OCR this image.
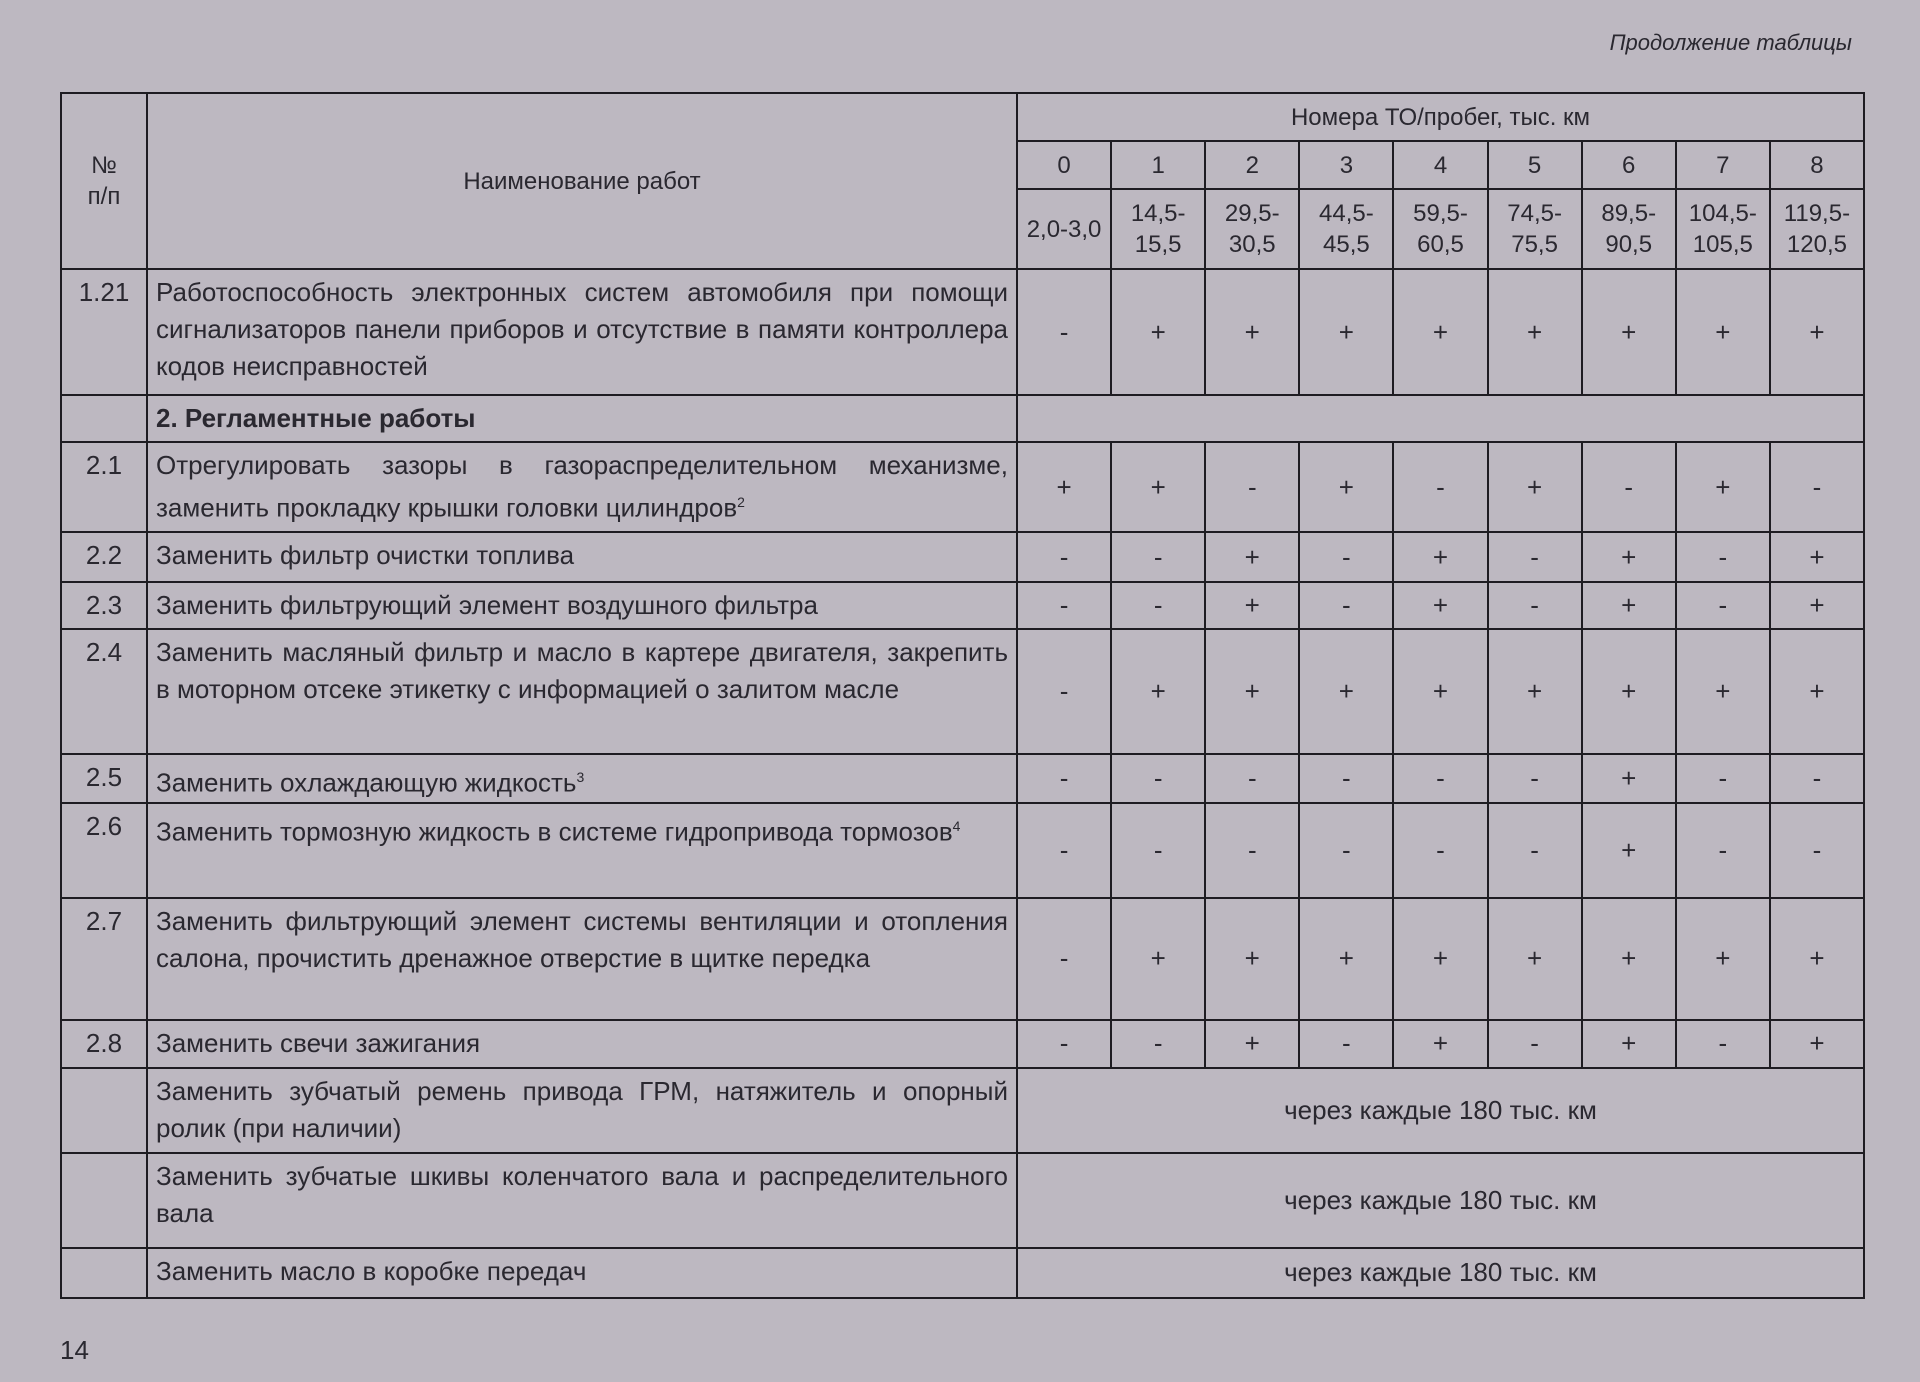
Продолжение таблицы
№ п/п	Наименование работ	Номера ТО/пробег, тыс. км								
		0	1	2	3	4	5	6	7	8
		2,0-3,0	14,5-15,5	29,5-30,5	44,5-45,5	59,5-60,5	74,5-75,5	89,5-90,5	104,5-105,5	119,5-120,5
1.21	Работоспособность электронных систем автомобиля при помощи сигнализаторов панели приборов и отсутствие в памяти контроллера кодов неисправностей	-	+	+	+	+	+	+	+	+
	2. Регламентные работы									
2.1	Отрегулировать зазоры в газораспределительном механизме, заменить прокладку крышки головки цилиндров$^2$	+	+	-	+	-	+	-	+	-
2.2	Заменить фильтр очистки топлива	-	-	+	-	+	-	+	-	+
2.3	Заменить фильтрующий элемент воздушного фильтра	-	-	+	-	+	-	+	-	+
2.4	Заменить масляный фильтр и масло в картере двигателя, закрепить в моторном отсеке этикетку с информацией о залитом масле	-	+	+	+	+	+	+	+	+
2.5	Заменить охлаждающую жидкость$^3$	-	-	-	-	-	-	+	-	-
2.6	Заменить тормозную жидкость в системе гидропривода тормозов$^4$	-	-	-	-	-	-	+	-	-
2.7	Заменить фильтрующий элемент системы вентиляции и отопления салона, прочистить дренажное отверстие в щитке передка	-	+	+	+	+	+	+	+	+
2.8	Заменить свечи зажигания	-	-	+	-	+	-	+	-	+
	Заменить зубчатый ремень привода ГРМ, натяжитель и опорный ролик (при наличии)	через каждые 180 тыс. км								
	Заменить зубчатые шкивы коленчатого вала и распределительного вала	через каждые 180 тыс. км								
	Заменить масло в коробке передач	через каждые 180 тыс. км								
14
